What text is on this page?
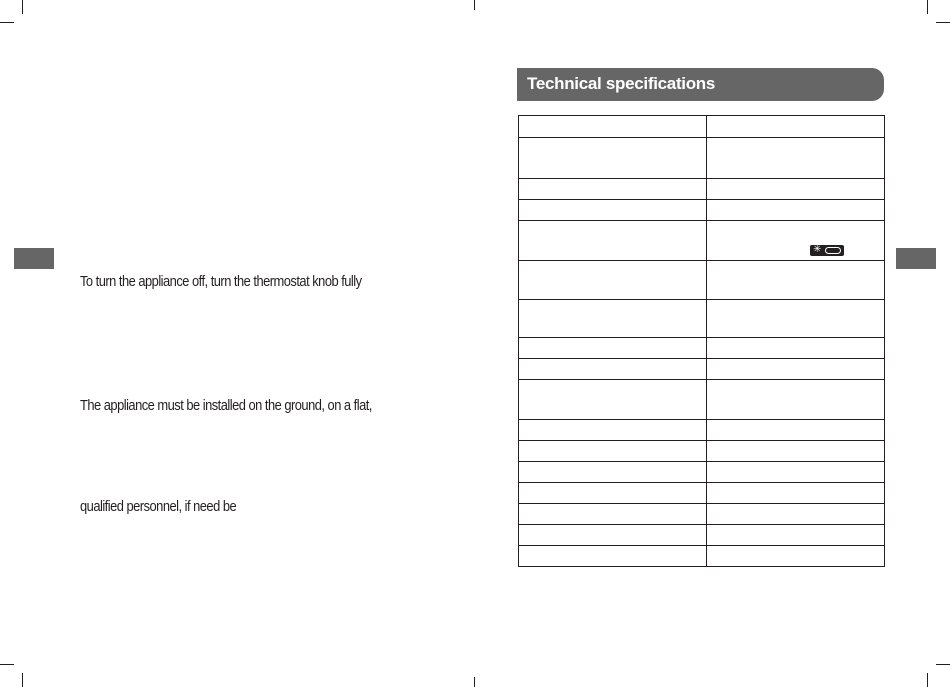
To turn the appliance off, turn the thermostat knob fully
The appliance must be installed on the ground, on a flat,
qualified personnel, if need be
Technical specifications

	✳
